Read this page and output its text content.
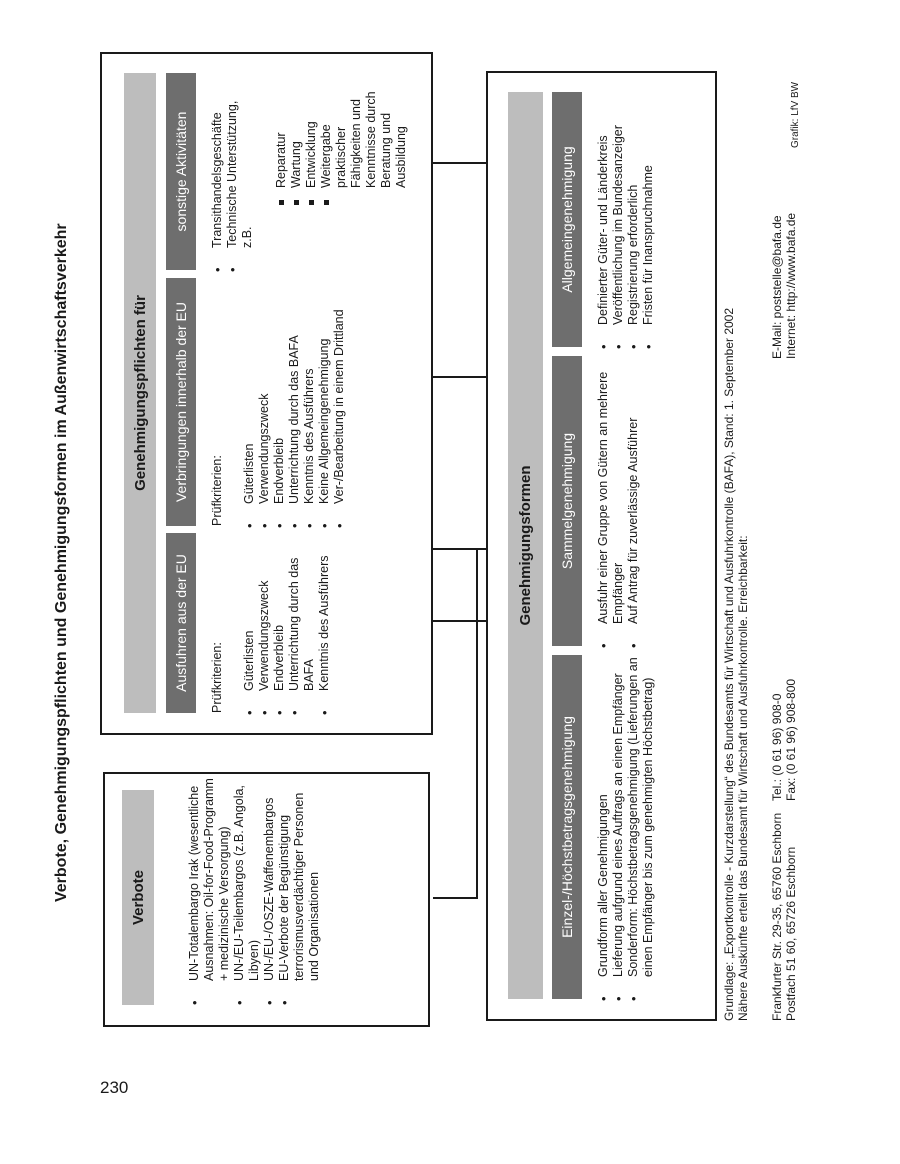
230
Verbote, Genehmigungspflichten und Genehmigungsformen im Außenwirtschaftsverkehr	Verbote	• UN-Totalembargo Irak (wesentliche Ausnahmen: Oil-for-Food-Programm + medizinische Versorgung) • UN-/EU-Teilembargos (z.B. Angola, Libyen) • UN-/EU-/OSZE-Waffenembargos • EU-Verbote der Begünstigung terrorismusverdächtiger Personen und Organisationen
Genehmigungspflichten für
Ausfuhren aus der EU	Prüfkriterien: • Güterlisten • Verwendungszweck • Endverbleib • Unterrichtung durch das BAFA • Kenntnis des Ausführers
Verbringungen innerhalb der EU	Prüfkriterien: • Güterlisten • Verwendungszweck • Endverbleib • Unterrichtung durch das BAFA • Kenntnis des Ausführers • Keine Allgemeingenehmigung • Ver-/Bearbeitung in einem Drittland
sonstige Aktivitäten	• Transithandelsgeschäfte • Technische Unterstützung, z.B.
Reparatur Wartung Entwicklung Weitergabe praktischer Fähigkeiten und Kenntnisse durch Beratung und Ausbildung
Genehmigungsformen
Einzel-/Höchstbetragsgenehmigung	• Grundform aller Genehmigungen • Lieferung aufgrund eines Auftrags an einen Empfänger • Sonderform: Höchstbetragsgenehmigung (Lieferungen an einen Empfänger bis zum genehmigten Höchstbetrag)
Sammelgenehmigung	• Ausfuhr einer Gruppe von Gütern an mehrere Empfänger • Auf Antrag für zuverlässige Ausführer
Allgemeingenehmigung	• Definierter Güter- und Länderkreis • Veröffentlichung im Bundesanzeiger • Registrierung erforderlich • Fristen für Inanspruchnahme
Grundlage: „Exportkontrolle - Kurzdarstellung“ des Bundesamts für Wirtschaft und Ausfuhrkontrolle (BAFA), Stand: 1. September 2002 Nähere Auskünfte erteilt das Bundesamt für Wirtschaft und Ausfuhrkontrolle. Erreichbarkeit: Frankfurter Str. 29-35, 65760 Eschborn Postfach 51 60, 65726 Eschborn
Tel.: (0 61 96) 908-0 Fax: (0 61 96) 908-800
E-Mail: poststelle@bafa.de Internet: http://www.bafa.de
Grafik: LfV BW
